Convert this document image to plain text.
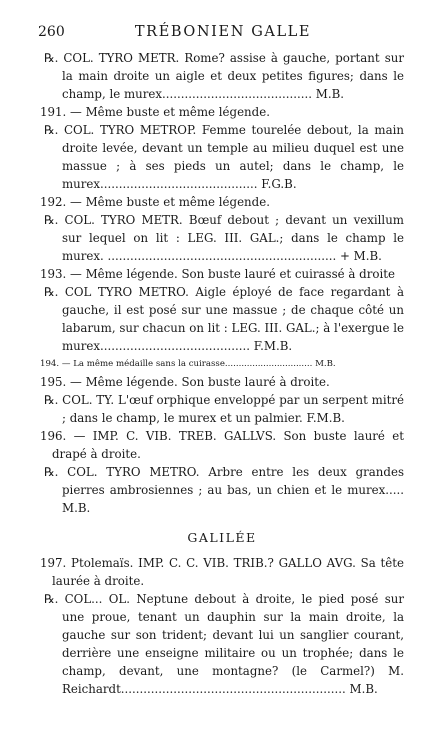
260	TRÉBONIEN GALLE

℞. COL. TYRO METR. Rome? assise à gauche, portant sur la main droite un aigle et deux petites figures; dans le champ, le murex........................................ M.B.

191. — Même buste et même légende.

℞. COL. TYRO METROP. Femme tourelée debout, la main droite levée, devant un temple au milieu duquel est une massue ; à ses pieds un autel; dans le champ, le murex.......................................... F.G.B.

192. — Même buste et même légende.

℞. COL. TYRO METR. Bœuf debout ; devant un vexillum sur lequel on lit : LEG. III. GAL.; dans le champ le murex. ............................................................. + M.B.

193. — Même légende. Son buste lauré et cuirassé à droite

℞. COL TYRO METRO. Aigle éployé de face regardant à gauche, il est posé sur une massue ; de chaque côté un labarum, sur chacun on lit : LEG. III. GAL.; à l'exergue le murex........................................ F.M.B.

194. — La même médaille sans la cuirasse................................ M.B.

195. — Même légende. Son buste lauré à droite.

℞. COL. TY. L'œuf orphique enveloppé par un serpent mitré ; dans le champ, le murex et un palmier. F.M.B.

196. — IMP. C. VIB. TREB. GALLVS. Son buste lauré et drapé à droite.

℞. COL. TYRO METRO. Arbre entre les deux grandes pierres ambrosiennes ; au bas, un chien et le murex..... M.B.

GALILÉE

197. Ptolemaïs. IMP. C. C. VIB. TRIB.? GALLO AVG. Sa tête laurée à droite.

℞. COL... OL. Neptune debout à droite, le pied posé sur une proue, tenant un dauphin sur la main droite, la gauche sur son trident; devant lui un sanglier courant, derrière une enseigne militaire ou un trophée; dans le champ, devant, une montagne? (le Carmel?) M. Reichardt............................................................ M.B.
